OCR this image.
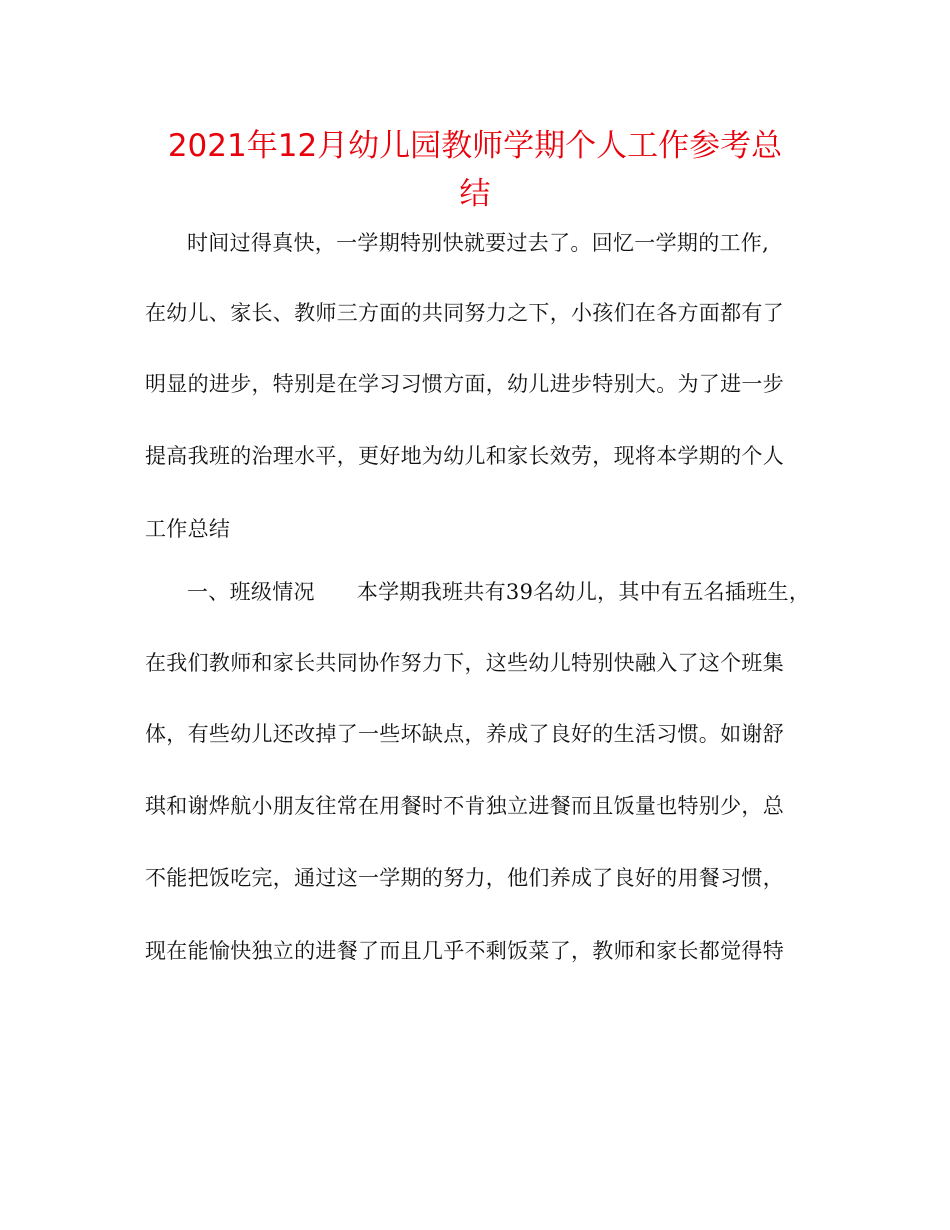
2021年12月幼儿园教师学期个人工作参考总
结
时间过得真快，一学期特别快就要过去了。回忆一学期的工作,
在幼儿、家长、教师三方面的共同努力之下，小孩们在各方面都有了
明显的进步，特别是在学习习惯方面，幼儿进步特别大。为了进一步
提高我班的治理水平，更好地为幼儿和家长效劳，现将本学期的个人
工作总结
一、班级情况 本学期我班共有39名幼儿，其中有五名插班生，
在我们教师和家长共同协作努力下，这些幼儿特别快融入了这个班集
体，有些幼儿还改掉了一些坏缺点，养成了良好的生活习惯。如谢舒
琪和谢烨航小朋友往常在用餐时不肯独立进餐而且饭量也特别少，总
不能把饭吃完，通过这一学期的努力，他们养成了良好的用餐习惯，
现在能愉快独立的进餐了而且几乎不剩饭菜了，教师和家长都觉得特
